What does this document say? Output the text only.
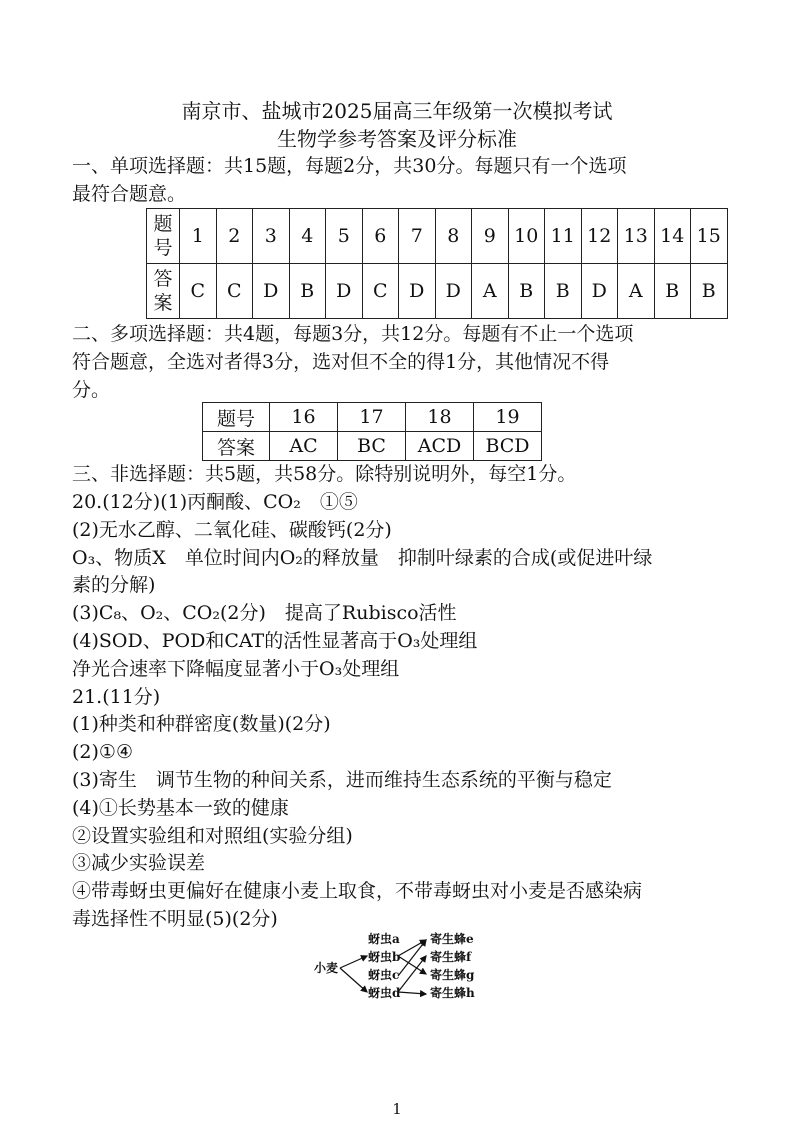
南京市、盐城市2025届高三年级第一次模拟考试
生物学参考答案及评分标准
一、单项选择题：共15题，每题2分，共30分。每题只有一个选项
最符合题意。
题
号	1	2	3	4	5	6	7	8	9	10	11	12	13	14	15
答
案	C	C	D	B	D	C	D	D	A	B	B	D	A	B	B
二、多项选择题：共4题，每题3分，共12分。每题有不止一个选项
符合题意，全选对者得3分，选对但不全的得1分，其他情况不得
分。
题号	16	17	18	19
答案	AC	BC	ACD	BCD
三、非选择题：共5题，共58分。除特别说明外，每空1分。
20.(12分)(1)丙酮酸、CO₂　①⑤
(2)无水乙醇、二氧化硅、碳酸钙(2分)
O₃、物质X　单位时间内O₂的释放量　抑制叶绿素的合成(或促进叶绿
素的分解)
(3)C₈、O₂、CO₂(2分)　提高了Rubisco活性
(4)SOD、POD和CAT的活性显著高于O₃处理组
净光合速率下降幅度显著小于O₃处理组
21.(11分)
(1)种类和种群密度(数量)(2分)
(2)①④
(3)寄生　调节生物的种间关系，进而维持生态系统的平衡与稳定
(4)①长势基本一致的健康
②设置实验组和对照组(实验分组)
③减少实验误差
④带毒蚜虫更偏好在健康小麦上取食，不带毒蚜虫对小麦是否感染病
毒选择性不明显(5)(2分)
小麦
蚜虫a
蚜虫b
蚜虫c
蚜虫d
寄生蜂e
寄生蜂f
寄生蜂g
寄生蜂h
1
